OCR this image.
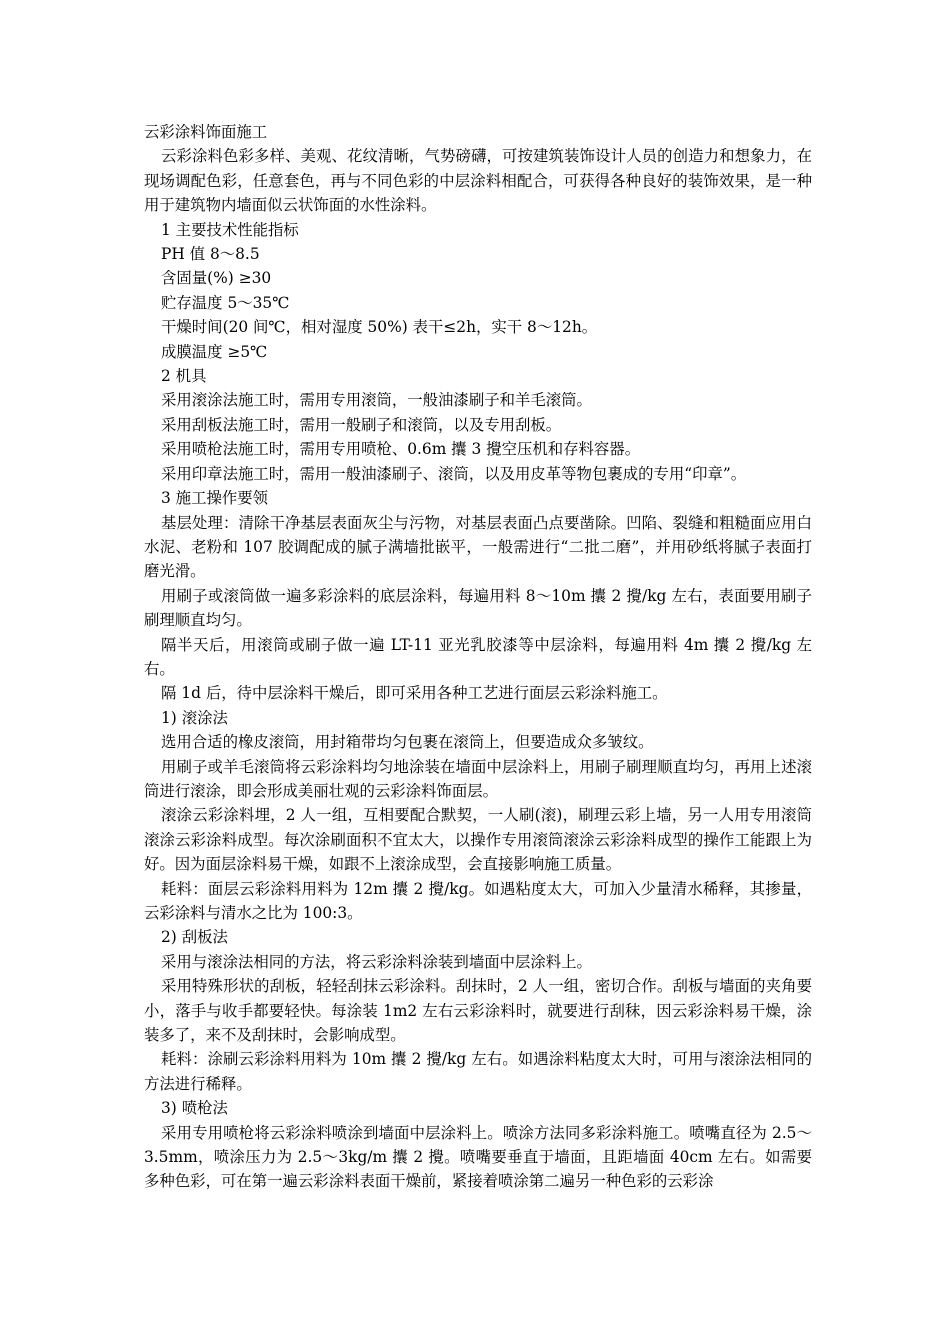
云彩涂料饰面施工

云彩涂料色彩多样、美观、花纹清晰，气势磅礴，可按建筑装饰设计人员的创造力和想象力，在现场调配色彩，任意套色，再与不同色彩的中层涂料相配合，可获得各种良好的装饰效果，是一种用于建筑物内墙面似云状饰面的水性涂料。

1 主要技术性能指标

PH 值 8～8.5

含固量(%) ≥30

贮存温度 5～35℃

干燥时间(20 间℃，相对湿度 50%) 表干≤2h，实干 8～12h。

成膜温度 ≥5℃

2 机具

采用滚涂法施工时，需用专用滚筒，一般油漆刷子和羊毛滚筒。

采用刮板法施工时，需用一般刷子和滚筒，以及专用刮板。

采用喷枪法施工时，需用专用喷枪、0.6m 攮 3 攪空压机和存料容器。

采用印章法施工时，需用一般油漆刷子、滚筒，以及用皮革等物包裹成的专用“印章”。

3 施工操作要领

基层处理：清除干净基层表面灰尘与污物，对基层表面凸点要凿除。凹陷、裂缝和粗糙面应用白水泥、老粉和 107 胶调配成的腻子满墙批嵌平，一般需进行“二批二磨”，并用砂纸将腻子表面打磨光滑。

用刷子或滚筒做一遍多彩涂料的底层涂料，每遍用料 8～10m 攮 2 攪/kg 左右，表面要用刷子刷理顺直均匀。

隔半天后，用滚筒或刷子做一遍 LT-11 亚光乳胶漆等中层涂料，每遍用料 4m 攮 2 攪/kg 左右。

隔 1d 后，待中层涂料干燥后，即可采用各种工艺进行面层云彩涂料施工。

1) 滚涂法

选用合适的橡皮滚筒，用封箱带均匀包裹在滚筒上，但要造成众多皱纹。

用刷子或羊毛滚筒将云彩涂料均匀地涂装在墙面中层涂料上，用刷子刷理顺直均匀，再用上述滚筒进行滚涂，即会形成美丽壮观的云彩涂料饰面层。

滚涂云彩涂料埋，2 人一组，互相要配合默契，一人刷(滚)，刷理云彩上墙，另一人用专用滚筒滚涂云彩涂料成型。每次涂刷面积不宜太大，以操作专用滚筒滚涂云彩涂料成型的操作工能跟上为好。因为面层涂料易干燥，如跟不上滚涂成型，会直接影响施工质量。

耗料：面层云彩涂料用料为 12m 攮 2 攪/kg。如遇粘度太大，可加入少量清水稀释，其掺量，云彩涂料与清水之比为 100:3。

2) 刮板法

采用与滚涂法相同的方法，将云彩涂料涂装到墙面中层涂料上。

采用特殊形状的刮板，轻轻刮抹云彩涂料。刮抹时，2 人一组，密切合作。刮板与墙面的夹角要小，落手与收手都要轻快。每涂装 1m2 左右云彩涂料时，就要进行刮秣，因云彩涂料易干燥，涂装多了，来不及刮抹时，会影响成型。

耗料：涂刷云彩涂料用料为 10m 攮 2 攪/kg 左右。如遇涂料粘度太大时，可用与滚涂法相同的方法进行稀释。

3) 喷枪法

采用专用喷枪将云彩涂料喷涂到墙面中层涂料上。喷涂方法同多彩涂料施工。喷嘴直径为 2.5～3.5mm，喷涂压力为 2.5～3kg/m 攮 2 攪。喷嘴要垂直于墙面，且距墙面 40cm 左右。如需要多种色彩，可在第一遍云彩涂料表面干燥前，紧接着喷涂第二遍另一种色彩的云彩涂
